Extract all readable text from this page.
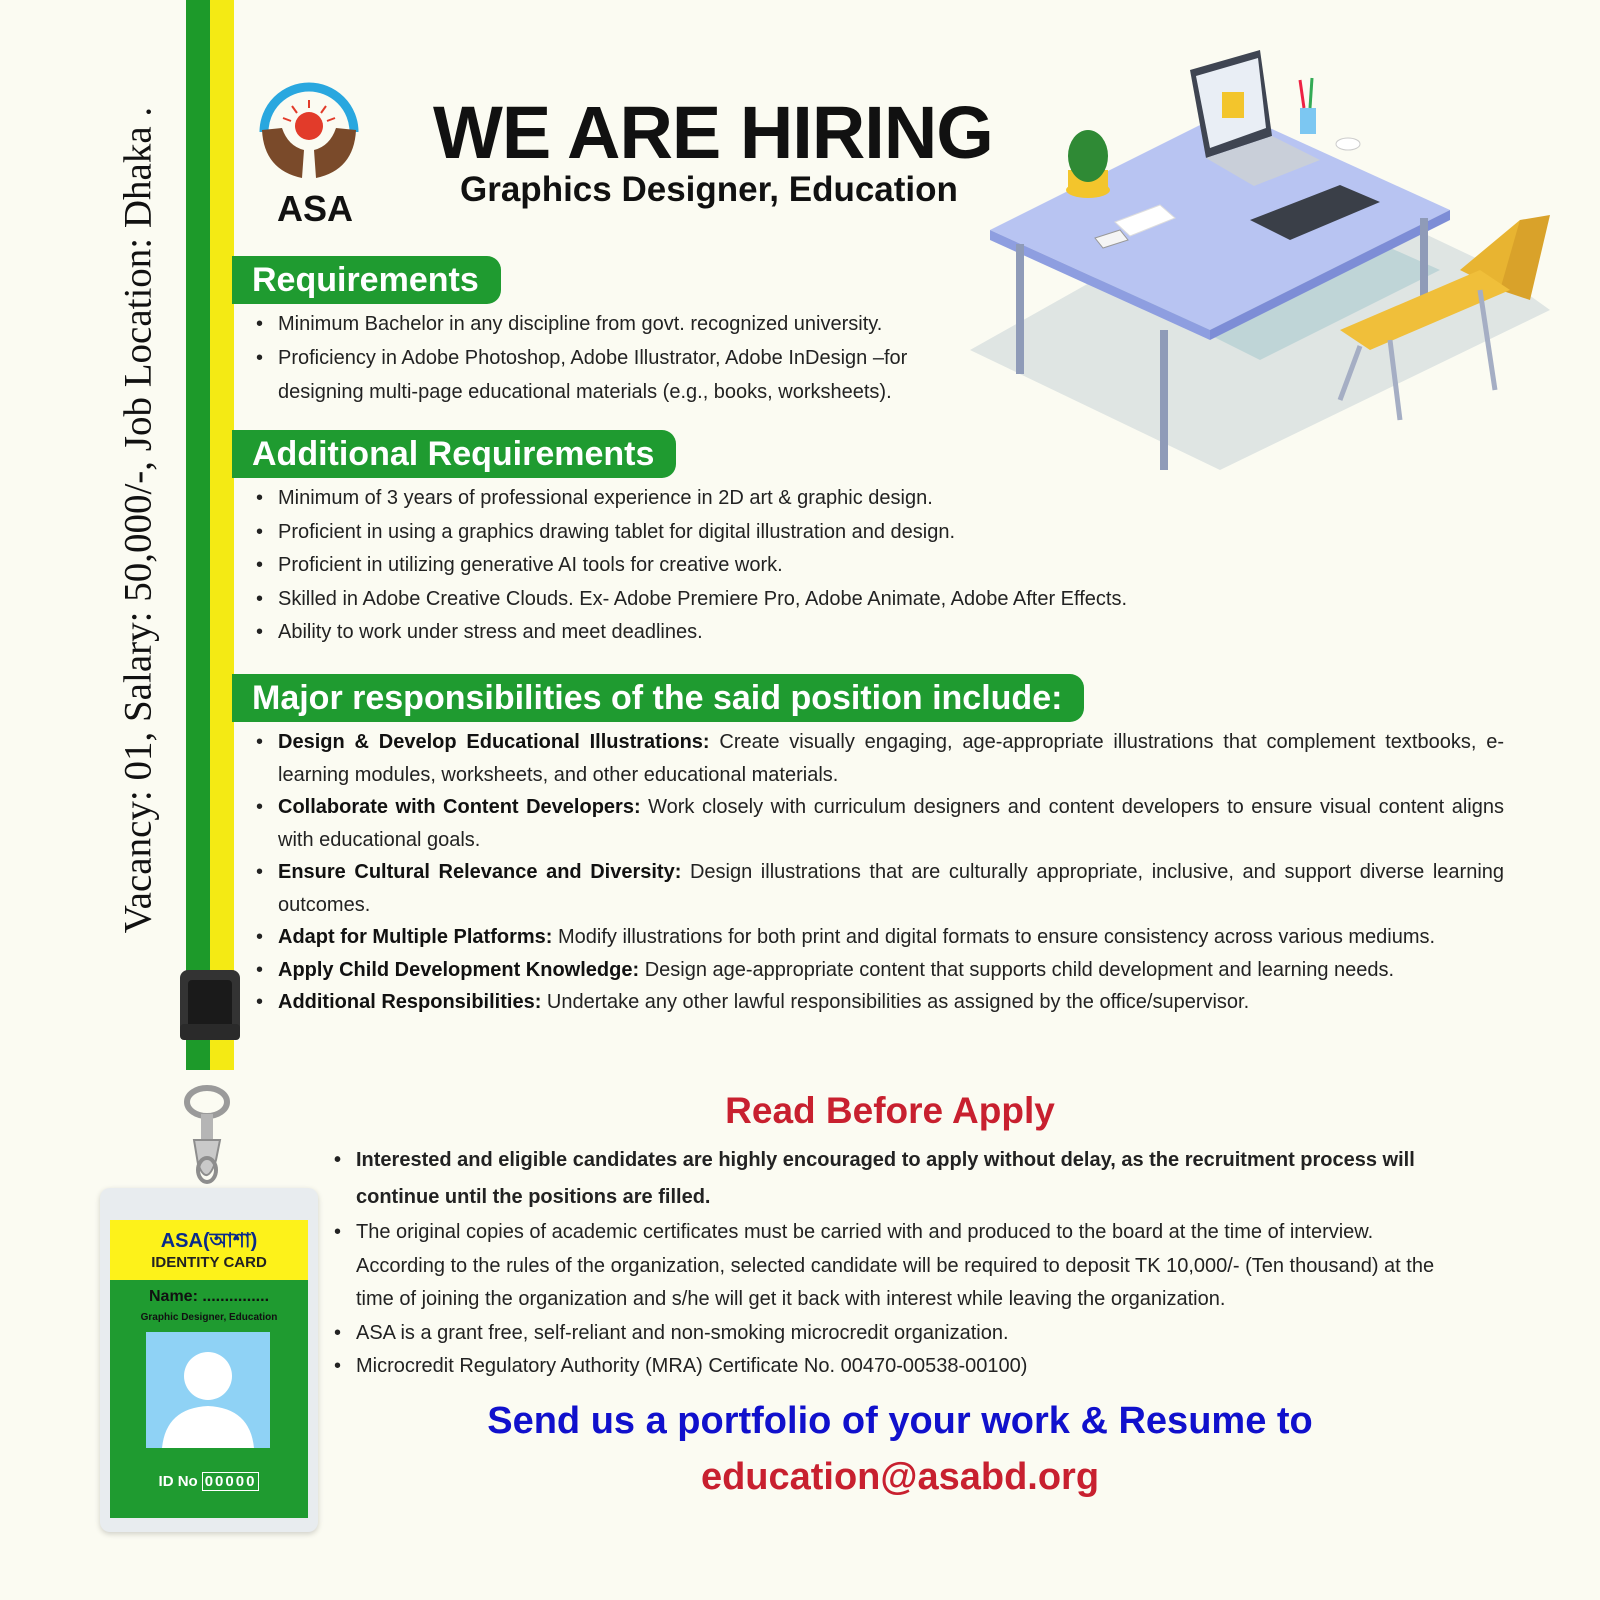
Vacancy: 01, Salary: 50,000/-, Job Location: Dhaka .
ASA(আশা)
IDENTITY CARD
Name: ...............
Graphic Designer, Education
ID No 00000
ASA
WE ARE HIRING
Graphics Designer, Education
Requirements
• Minimum Bachelor in any discipline from govt. recognized university.
• Proficiency in Adobe Photoshop, Adobe Illustrator, Adobe InDesign –for designing multi-page educational materials (e.g., books, worksheets).
Additional Requirements
• Minimum of 3 years of professional experience in 2D art & graphic design.
• Proficient in using a graphics drawing tablet for digital illustration and design.
• Proficient in utilizing generative AI tools for creative work.
• Skilled in Adobe Creative Clouds. Ex- Adobe Premiere Pro, Adobe Animate, Adobe After Effects.
• Ability to work under stress and meet deadlines.
Major responsibilities of the said position include:
• Design & Develop Educational Illustrations: Create visually engaging, age-appropriate illustrations that complement textbooks, e-learning modules, worksheets, and other educational materials.
• Collaborate with Content Developers: Work closely with curriculum designers and content developers to ensure visual content aligns with educational goals.
• Ensure Cultural Relevance and Diversity: Design illustrations that are culturally appropriate, inclusive, and support diverse learning outcomes.
• Adapt for Multiple Platforms: Modify illustrations for both print and digital formats to ensure consistency across various mediums.
• Apply Child Development Knowledge: Design age-appropriate content that supports child development and learning needs.
• Additional Responsibilities: Undertake any other lawful responsibilities as assigned by the office/supervisor.
Read Before Apply
• Interested and eligible candidates are highly encouraged to apply without delay, as the recruitment process will continue until the positions are filled.
• The original copies of academic certificates must be carried with and produced to the board at the time of interview. According to the rules of the organization, selected candidate will be required to deposit TK 10,000/- (Ten thousand) at the time of joining the organization and s/he will get it back with interest while leaving the organization.
• ASA is a grant free, self-reliant and non-smoking microcredit organization.
• Microcredit Regulatory Authority (MRA) Certificate No. 00470-00538-00100)
Send us a portfolio of your work & Resume to
education@asabd.org
